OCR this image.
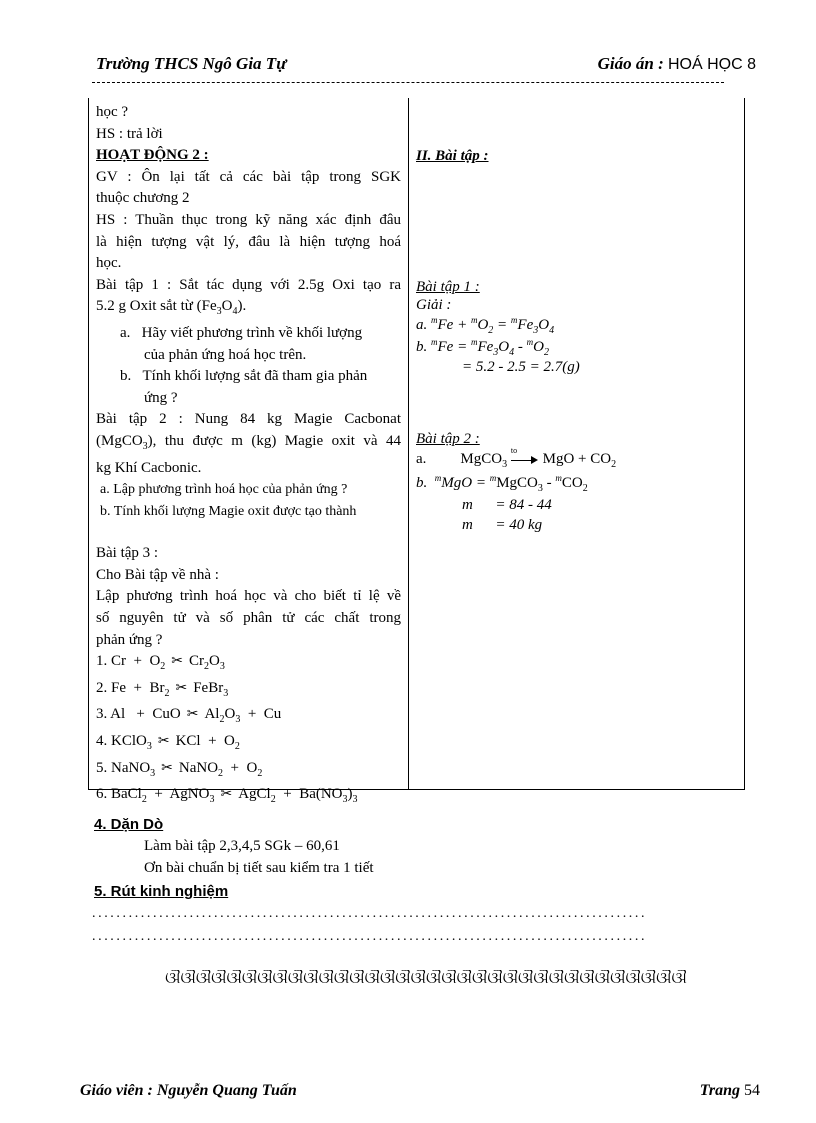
Trường THCS Ngô Gia Tự	Giáo án : HOÁ HỌC 8

học ?

HS : trả lời

HOẠT ĐỘNG 2 :

GV : Ôn lại tất cả các bài tập trong SGK

thuộc chương 2

HS : Thuần thục trong kỹ năng xác định đâu

là hiện tượng vật lý, đâu là hiện tượng hoá

học.

Bài tập 1 : Sắt tác dụng với 2.5g Oxi tạo ra

5.2 g Oxit sắt từ $(Fe_3O_4)$.

a. Hãy viết phương trình về khối lượng

của phản ứng hoá học trên.

b. Tính khối lượng sắt đã tham gia phản

ứng ?

Bài tập 2 : Nung 84 kg Magie Cacbonat

(MgCO$_3$), thu được m (kg) Magie oxit và 44

kg Khí Cacbonic.

a. Lập phương trình hoá học của phản ứng ?

b. Tính khối lượng Magie oxit được tạo thành

Bài tập 3 :

Cho Bài tập về nhà :

Lập phương trình hoá học và cho biết tỉ lệ về

số nguyên tử và số phân tử các chất trong

phản ứng ?

1. $Cr + O_2$ ✂ $Cr_2O_3$

2. $Fe + Br_2$ ✂ FeBr$_3$

3. Al   +  CuO ✂ $Al_2O_3 + Cu$

4. KClO$_3$ ✂ KCl  +  $O_2$

5. NaNO$_3$ ✂ NaNO$_2$  +  $O_2$

6. BaCl$_2$  +  AgNO$_3$ ✂ AgCl$_2$  +  $Ba(NO_3)_3$

II. Bài tập :

Bài tập 1 :

Giải :

a. $^mFe + ^mO_2 = ^mFe_3O_4$

b. $^mFe = ^mFe_3O_4 - ^mO_2$

= 5.2 - 2.5 = 2.7(g)

Bài tập 2 :

a. MgCO$_3$
to
MgO + $CO_2$

b. $^m$MgO = $^m$MgCO$_3$ - $^mCO_2$

m = 84 - 44

m = 40 kg

4. Dặn Dò
Làm bài tập 2,3,4,5 SGk – 60,61
Ơn bài chuẩn bị tiết sau kiểm tra 1 tiết
5. Rút kinh nghiệm
...........................................................................................
...........................................................................................
ଔଔଔଔଔଔଔଔଔଔଔଔଔଔଔଔଔଔଔଔଔଔଔଔଔଔଔଔଔଔଔଔଔଔ
Giáo viên : Nguyễn Quang Tuấn	Trang 54
